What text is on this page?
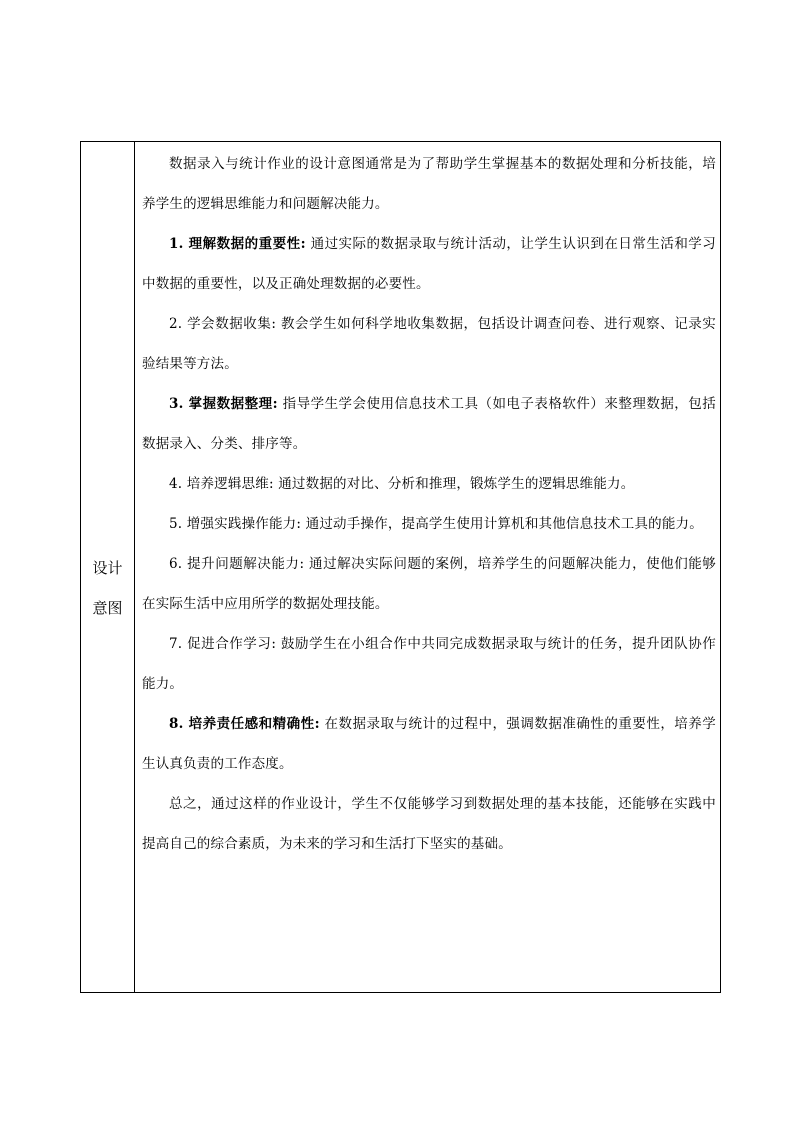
设计
意图

数据录入与统计作业的设计意图通常是为了帮助学生掌握基本的数据处理和分析技能，培养学生的逻辑思维能力和问题解决能力。

1. 理解数据的重要性: 通过实际的数据录取与统计活动，让学生认识到在日常生活和学习中数据的重要性，以及正确处理数据的必要性。

2. 学会数据收集: 教会学生如何科学地收集数据，包括设计调查问卷、进行观察、记录实验结果等方法。

3. 掌握数据整理: 指导学生学会使用信息技术工具（如电子表格软件）来整理数据，包括数据录入、分类、排序等。

4. 培养逻辑思维: 通过数据的对比、分析和推理，锻炼学生的逻辑思维能力。

5. 增强实践操作能力: 通过动手操作，提高学生使用计算机和其他信息技术工具的能力。

6. 提升问题解决能力: 通过解决实际问题的案例，培养学生的问题解决能力，使他们能够在实际生活中应用所学的数据处理技能。

7. 促进合作学习: 鼓励学生在小组合作中共同完成数据录取与统计的任务，提升团队协作能力。

8. 培养责任感和精确性: 在数据录取与统计的过程中，强调数据准确性的重要性，培养学生认真负责的工作态度。

总之，通过这样的作业设计，学生不仅能够学习到数据处理的基本技能，还能够在实践中提高自己的综合素质，为未来的学习和生活打下坚实的基础。
